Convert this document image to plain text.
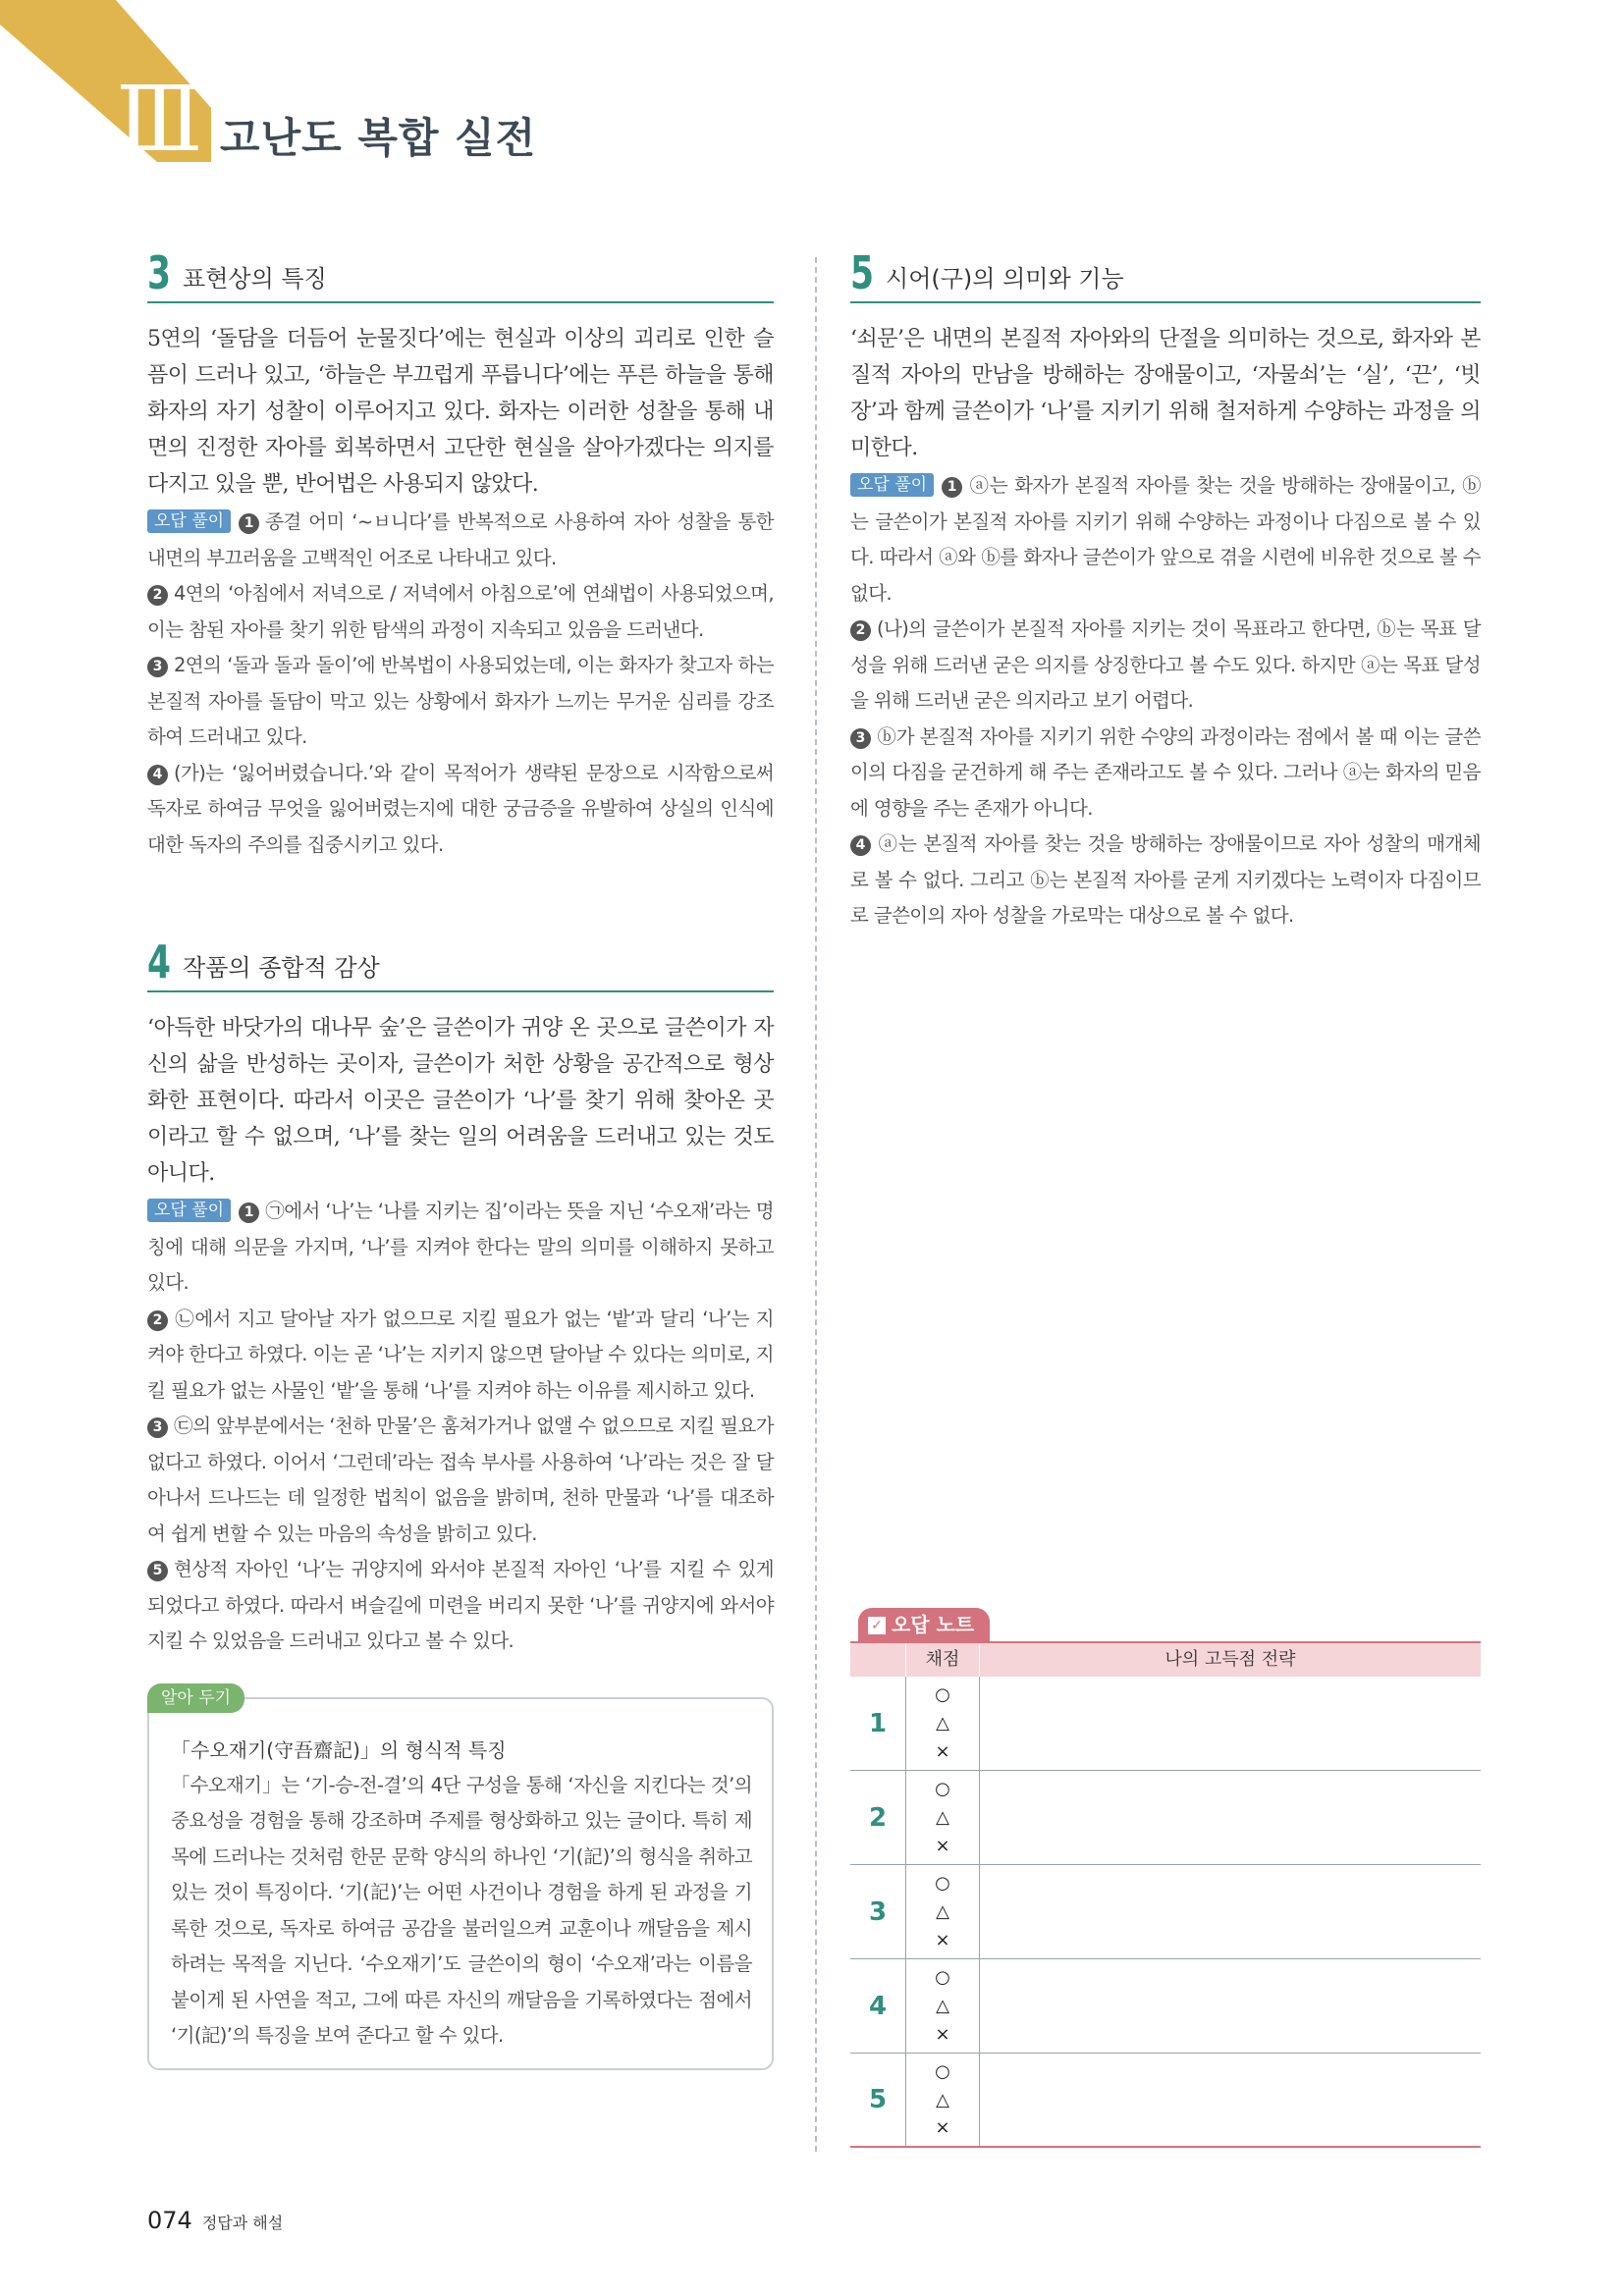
Ⅲ 고난도 복합 실전
3 표현상의 특징

5연의 ‘돌담을 더듬어 눈물짓다’에는 현실과 이상의 괴리로 인한 슬픔이 드러나 있고, ‘하늘은 부끄럽게 푸릅니다’에는 푸른 하늘을 통해 화자의 자기 성찰이 이루어지고 있다. 화자는 이러한 성찰을 통해 내면의 진정한 자아를 회복하면서 고단한 현실을 살아가겠다는 의지를 다지고 있을 뿐, 반어법은 사용되지 않았다.

오답 풀이 1 종결 어미 ‘~ㅂ니다’를 반복적으로 사용하여 자아 성찰을 통한 내면의 부끄러움을 고백적인 어조로 나타내고 있다.

2 4연의 ‘아침에서 저녁으로 / 저녁에서 아침으로’에 연쇄법이 사용되었으며, 이는 참된 자아를 찾기 위한 탐색의 과정이 지속되고 있음을 드러낸다.

3 2연의 ‘돌과 돌과 돌이’에 반복법이 사용되었는데, 이는 화자가 찾고자 하는 본질적 자아를 돌담이 막고 있는 상황에서 화자가 느끼는 무거운 심리를 강조하여 드러내고 있다.

4 (가)는 ‘잃어버렸습니다.’와 같이 목적어가 생략된 문장으로 시작함으로써 독자로 하여금 무엇을 잃어버렸는지에 대한 궁금증을 유발하여 상실의 인식에 대한 독자의 주의를 집중시키고 있다.

4 작품의 종합적 감상

‘아득한 바닷가의 대나무 숲’은 글쓴이가 귀양 온 곳으로 글쓴이가 자신의 삶을 반성하는 곳이자, 글쓴이가 처한 상황을 공간적으로 형상화한 표현이다. 따라서 이곳은 글쓴이가 ‘나’를 찾기 위해 찾아온 곳이라고 할 수 없으며, ‘나’를 찾는 일의 어려움을 드러내고 있는 것도 아니다.

오답 풀이 1 ㉠에서 ‘나’는 ‘나를 지키는 집’이라는 뜻을 지닌 ‘수오재’라는 명칭에 대해 의문을 가지며, ‘나’를 지켜야 한다는 말의 의미를 이해하지 못하고 있다.

2 ㉡에서 지고 달아날 자가 없으므로 지킬 필요가 없는 ‘밭’과 달리 ‘나’는 지켜야 한다고 하였다. 이는 곧 ‘나’는 지키지 않으면 달아날 수 있다는 의미로, 지킬 필요가 없는 사물인 ‘밭’을 통해 ‘나’를 지켜야 하는 이유를 제시하고 있다.

3 ㉢의 앞부분에서는 ‘천하 만물’은 훔쳐가거나 없앨 수 없으므로 지킬 필요가 없다고 하였다. 이어서 ‘그런데’라는 접속 부사를 사용하여 ‘나’라는 것은 잘 달아나서 드나드는 데 일정한 법칙이 없음을 밝히며, 천하 만물과 ‘나’를 대조하여 쉽게 변할 수 있는 마음의 속성을 밝히고 있다.

5 현상적 자아인 ‘나’는 귀양지에 와서야 본질적 자아인 ‘나’를 지킬 수 있게 되었다고 하였다. 따라서 벼슬길에 미련을 버리지 못한 ‘나’를 귀양지에 와서야 지킬 수 있었음을 드러내고 있다고 볼 수 있다.

알아 두기
「수오재기(守吾齋記)」의 형식적 특징

「수오재기」는 ‘기-승-전-결’의 4단 구성을 통해 ‘자신을 지킨다는 것’의 중요성을 경험을 통해 강조하며 주제를 형상화하고 있는 글이다. 특히 제목에 드러나는 것처럼 한문 문학 양식의 하나인 ‘기(記)’의 형식을 취하고 있는 것이 특징이다. ‘기(記)’는 어떤 사건이나 경험을 하게 된 과정을 기록한 것으로, 독자로 하여금 공감을 불러일으켜 교훈이나 깨달음을 제시하려는 목적을 지닌다. ‘수오재기’도 글쓴이의 형이 ‘수오재’라는 이름을 붙이게 된 사연을 적고, 그에 따른 자신의 깨달음을 기록하였다는 점에서 ‘기(記)’의 특징을 보여 준다고 할 수 있다.

5 시어(구)의 의미와 기능

‘쇠문’은 내면의 본질적 자아와의 단절을 의미하는 것으로, 화자와 본질적 자아의 만남을 방해하는 장애물이고, ‘자물쇠’는 ‘실’, ‘끈’, ‘빗장’과 함께 글쓴이가 ‘나’를 지키기 위해 철저하게 수양하는 과정을 의미한다.

오답 풀이 1 ⓐ는 화자가 본질적 자아를 찾는 것을 방해하는 장애물이고, ⓑ는 글쓴이가 본질적 자아를 지키기 위해 수양하는 과정이나 다짐으로 볼 수 있다. 따라서 ⓐ와 ⓑ를 화자나 글쓴이가 앞으로 겪을 시련에 비유한 것으로 볼 수 없다.

2 (나)의 글쓴이가 본질적 자아를 지키는 것이 목표라고 한다면, ⓑ는 목표 달성을 위해 드러낸 굳은 의지를 상징한다고 볼 수도 있다. 하지만 ⓐ는 목표 달성을 위해 드러낸 굳은 의지라고 보기 어렵다.

3 ⓑ가 본질적 자아를 지키기 위한 수양의 과정이라는 점에서 볼 때 이는 글쓴이의 다짐을 굳건하게 해 주는 존재라고도 볼 수 있다. 그러나 ⓐ는 화자의 믿음에 영향을 주는 존재가 아니다.

4 ⓐ는 본질적 자아를 찾는 것을 방해하는 장애물이므로 자아 성찰의 매개체로 볼 수 없다. 그리고 ⓑ는 본질적 자아를 굳게 지키겠다는 노력이자 다짐이므로 글쓴이의 자아 성찰을 가로막는 대상으로 볼 수 없다.

✓ 오답 노트
채점	나의 고득점 전략
1
○
△
×
2
○
△
×
3
○
△
×
4
○
△
×
5
○
△
×
074 정답과 해설
